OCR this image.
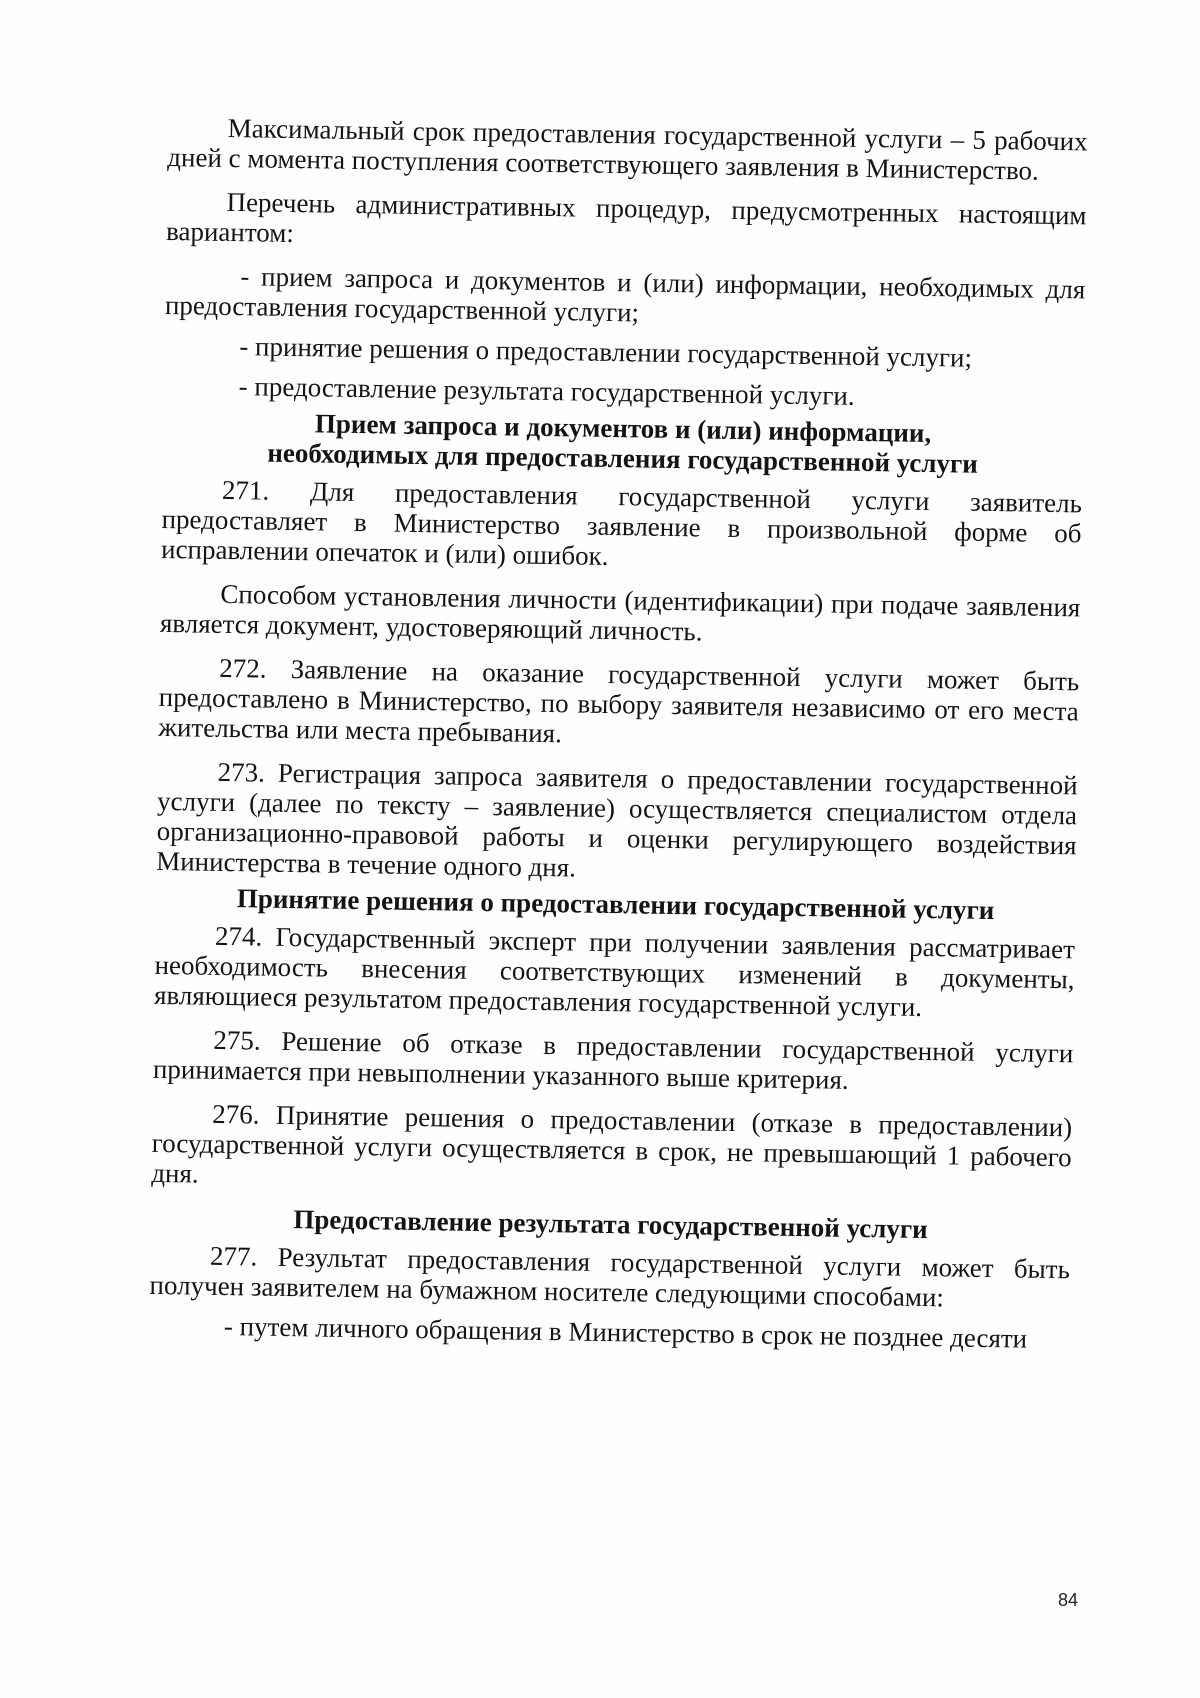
Максимальный срок предоставления государственной услуги – 5 рабочих дней с момента поступления соответствующего заявления в Министерство.

Перечень административных процедур, предусмотренных настоящим вариантом:

- прием запроса и документов и (или) информации, необходимых для предоставления государственной услуги;

- принятие решения о предоставлении государственной услуги;

- предоставление результата государственной услуги.

Прием запроса и документов и (или) информации,
необходимых для предоставления государственной услуги

271. Для предоставления государственной услуги заявитель предоставляет в Министерство заявление в произвольной форме об исправлении опечаток и (или) ошибок.

Способом установления личности (идентификации) при подаче заявления является документ, удостоверяющий личность.

272. Заявление на оказание государственной услуги может быть предоставлено в Министерство, по выбору заявителя независимо от его места жительства или места пребывания.

273. Регистрация запроса заявителя о предоставлении государственной услуги (далее по тексту – заявление) осуществляется специалистом отдела организационно-правовой работы и оценки регулирующего воздействия Министерства в течение одного дня.

Принятие решения о предоставлении государственной услуги

274. Государственный эксперт при получении заявления рассматривает необходимость внесения соответствующих изменений в документы, являющиеся результатом предоставления государственной услуги.

275. Решение об отказе в предоставлении государственной услуги принимается при невыполнении указанного выше критерия.

276. Принятие решения о предоставлении (отказе в предоставлении) государственной услуги осуществляется в срок, не превышающий 1 рабочего дня.

Предоставление результата государственной услуги

277. Результат предоставления государственной услуги может быть получен заявителем на бумажном носителе следующими способами:

- путем личного обращения в Министерство в срок не позднее десяти

84
